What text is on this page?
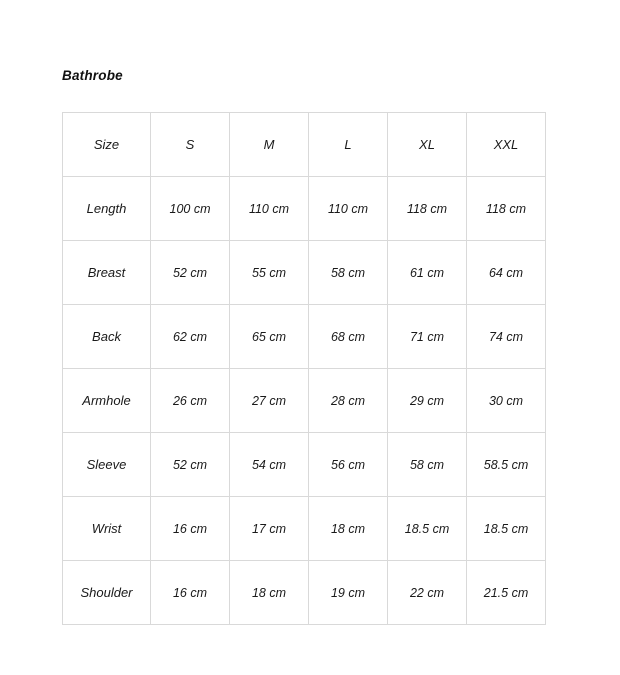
Bathrobe
Size	S	M	L	XL	XXL
Length	100 cm	110 cm	110 cm	118 cm	118 cm
Breast	52 cm	55 cm	58 cm	61 cm	64 cm
Back	62 cm	65 cm	68 cm	71 cm	74 cm
Armhole	26 cm	27 cm	28 cm	29 cm	30 cm
Sleeve	52 cm	54 cm	56 cm	58 cm	58.5 cm
Wrist	16 cm	17 cm	18 cm	18.5 cm	18.5 cm
Shoulder	16 cm	18 cm	19 cm	22 cm	21.5 cm
